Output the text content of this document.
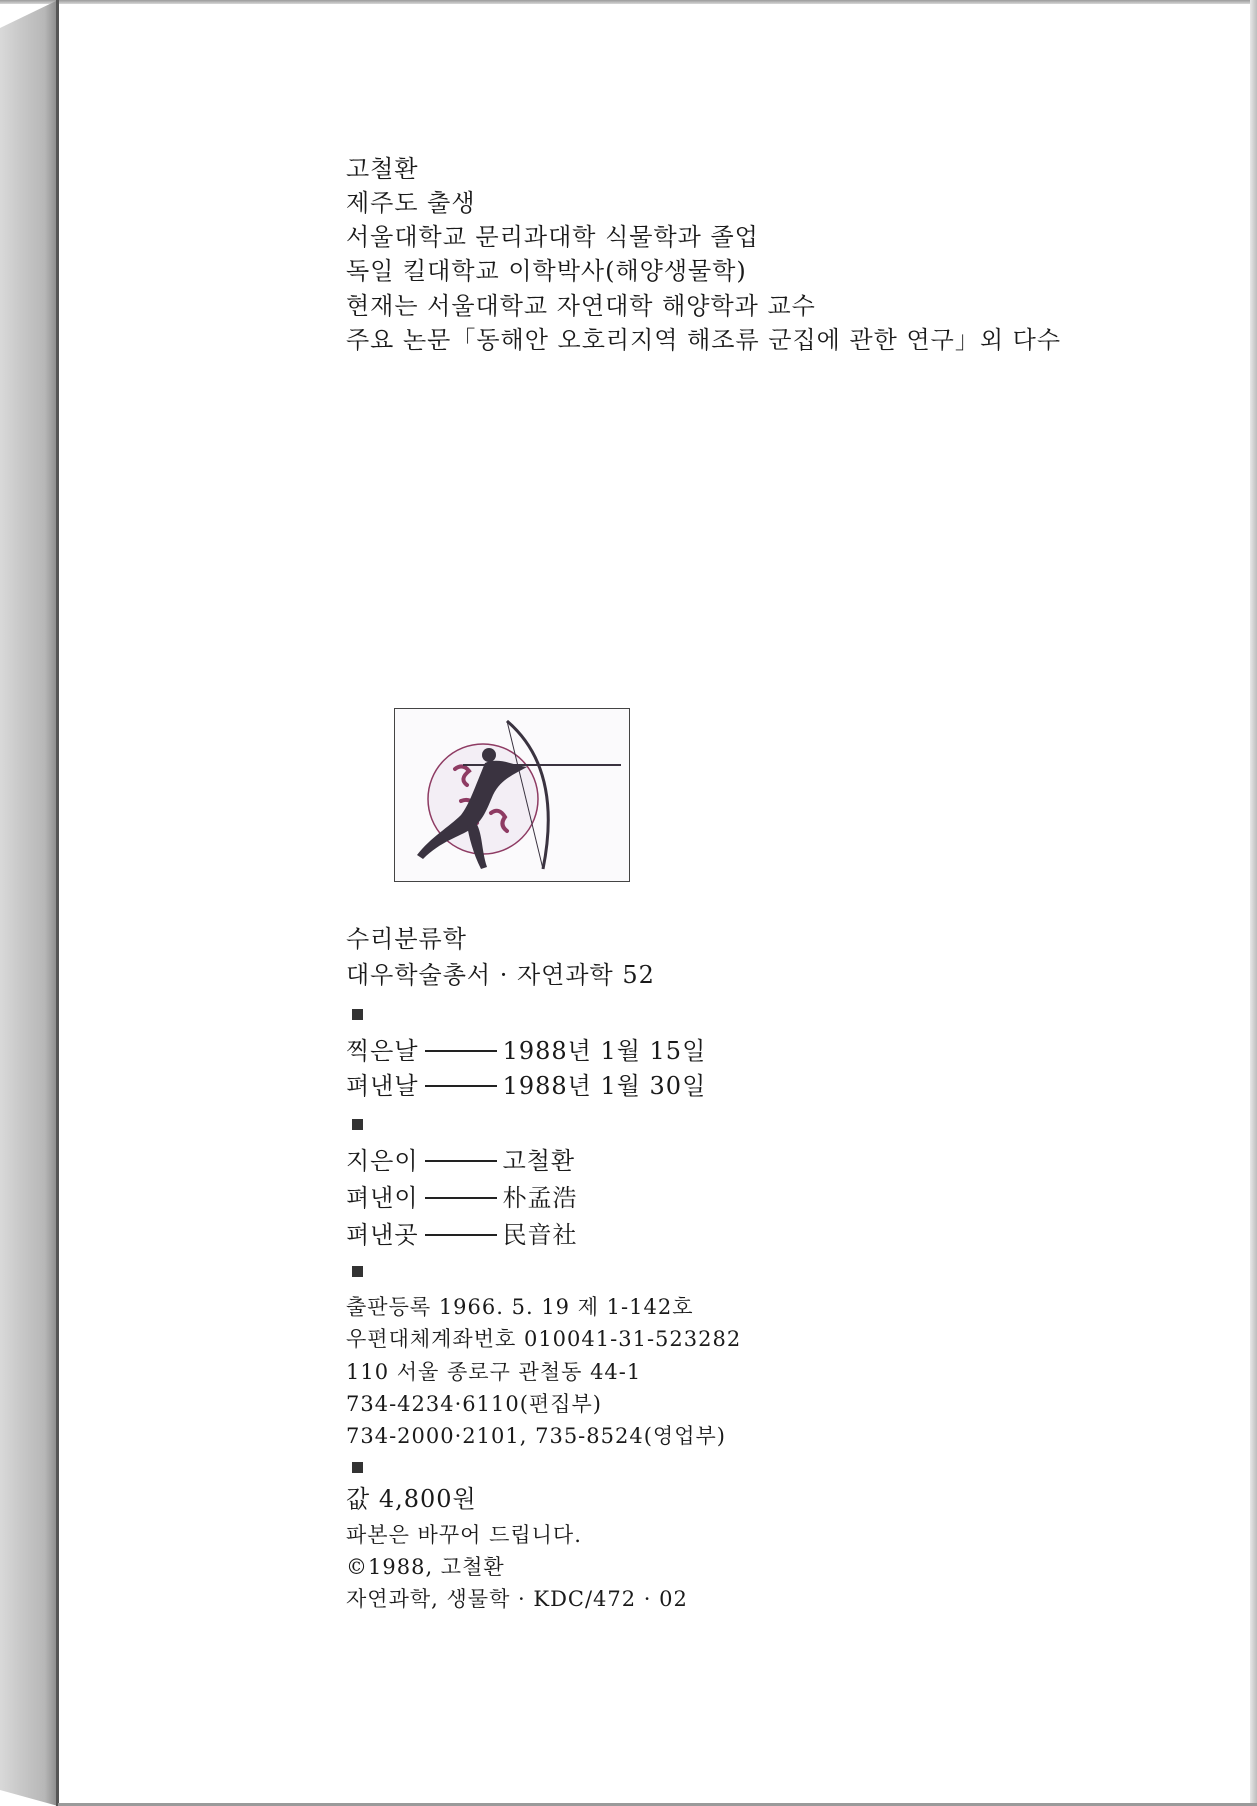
고철환
제주도 출생
서울대학교 문리과대학 식물학과 졸업
독일 킬대학교 이학박사(해양생물학)
현재는 서울대학교 자연대학 해양학과 교수
주요 논문「동해안 오호리지역 해조류 군집에 관한 연구」외 다수
수리분류학
대우학술총서 · 자연과학 52
찍은날	1988년 1월 15일
펴낸날	1988년 1월 30일
지은이	고철환
펴낸이	朴孟浩
펴낸곳	民音社
출판등록 1966. 5. 19 제 1-142호
우편대체계좌번호 010041-31-523282
110 서울 종로구 관철동 44-1
734-4234·6110(편집부)
734-2000·2101, 735-8524(영업부)
값 4,800원
파본은 바꾸어 드립니다.
©1988, 고철환
자연과학, 생물학 · KDC/472 · 02
